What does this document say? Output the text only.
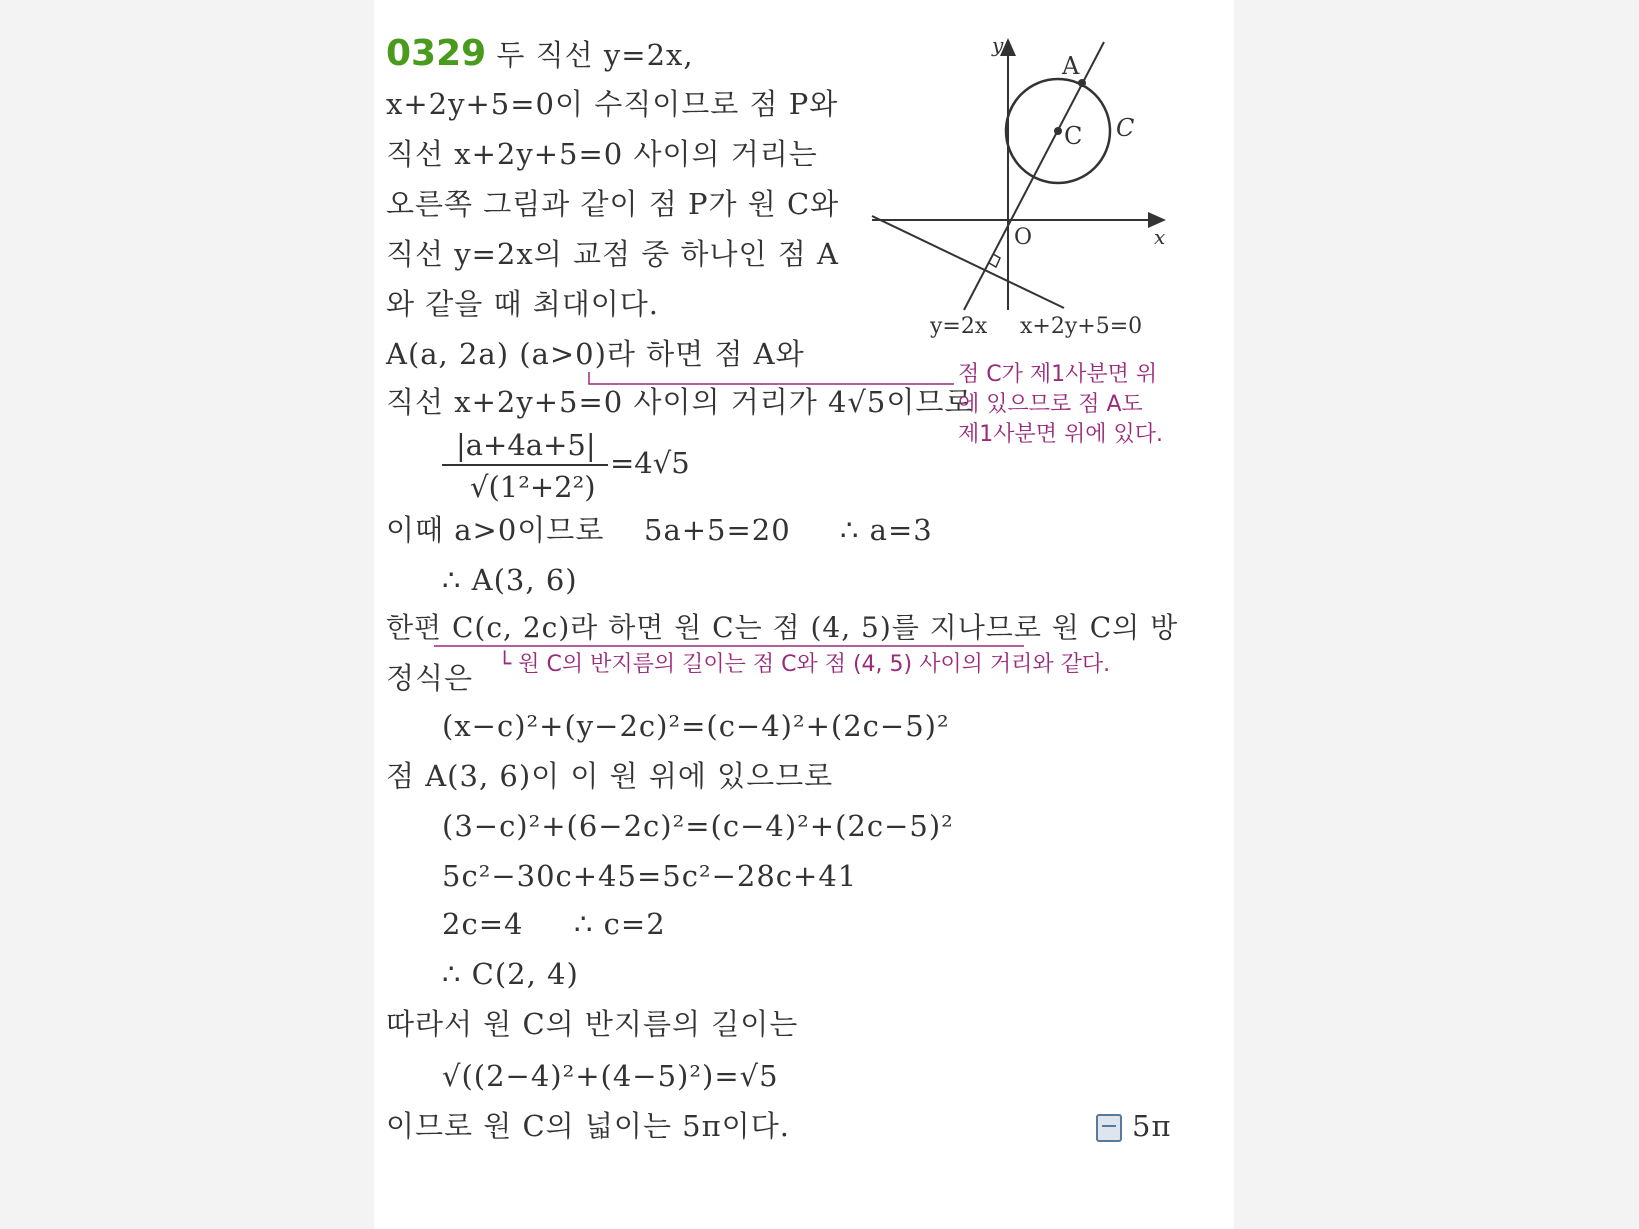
0329 두 직선 y=2x,
x+2y+5=0이 수직이므로 점 P와
직선 x+2y+5=0 사이의 거리는
오른쪽 그림과 같이 점 P가 원 C와
직선 y=2x의 교점 중 하나인 점 A
와 같을 때 최대이다.
A(a, 2a) (a>0)라 하면 점 A와
직선 x+2y+5=0 사이의 거리가 4√5이므로
점 C가 제1사분면 위
에 있으므로 점 A도
제1사분면 위에 있다.
|a+4a+5|
√(1²+2²)
=4√5
이때 a>0이므로 5a+5=20 ∴ a=3
∴ A(3, 6)
한편 C(c, 2c)라 하면 원 C는 점 (4, 5)를 지나므로 원 C의 방
└ 원 C의 반지름의 길이는 점 C와 점 (4, 5) 사이의 거리와 같다.
정식은
(x−c)²+(y−2c)²=(c−4)²+(2c−5)²
점 A(3, 6)이 이 원 위에 있으므로
(3−c)²+(6−2c)²=(c−4)²+(2c−5)²
5c²−30c+45=5c²−28c+41
2c=4 ∴ c=2
∴ C(2, 4)
따라서 원 C의 반지름의 길이는
√((2−4)²+(4−5)²)=√5
이므로 원 C의 넓이는 5π이다.	5π
y
x
O
A
C C
y=2x x+2y+5=0
